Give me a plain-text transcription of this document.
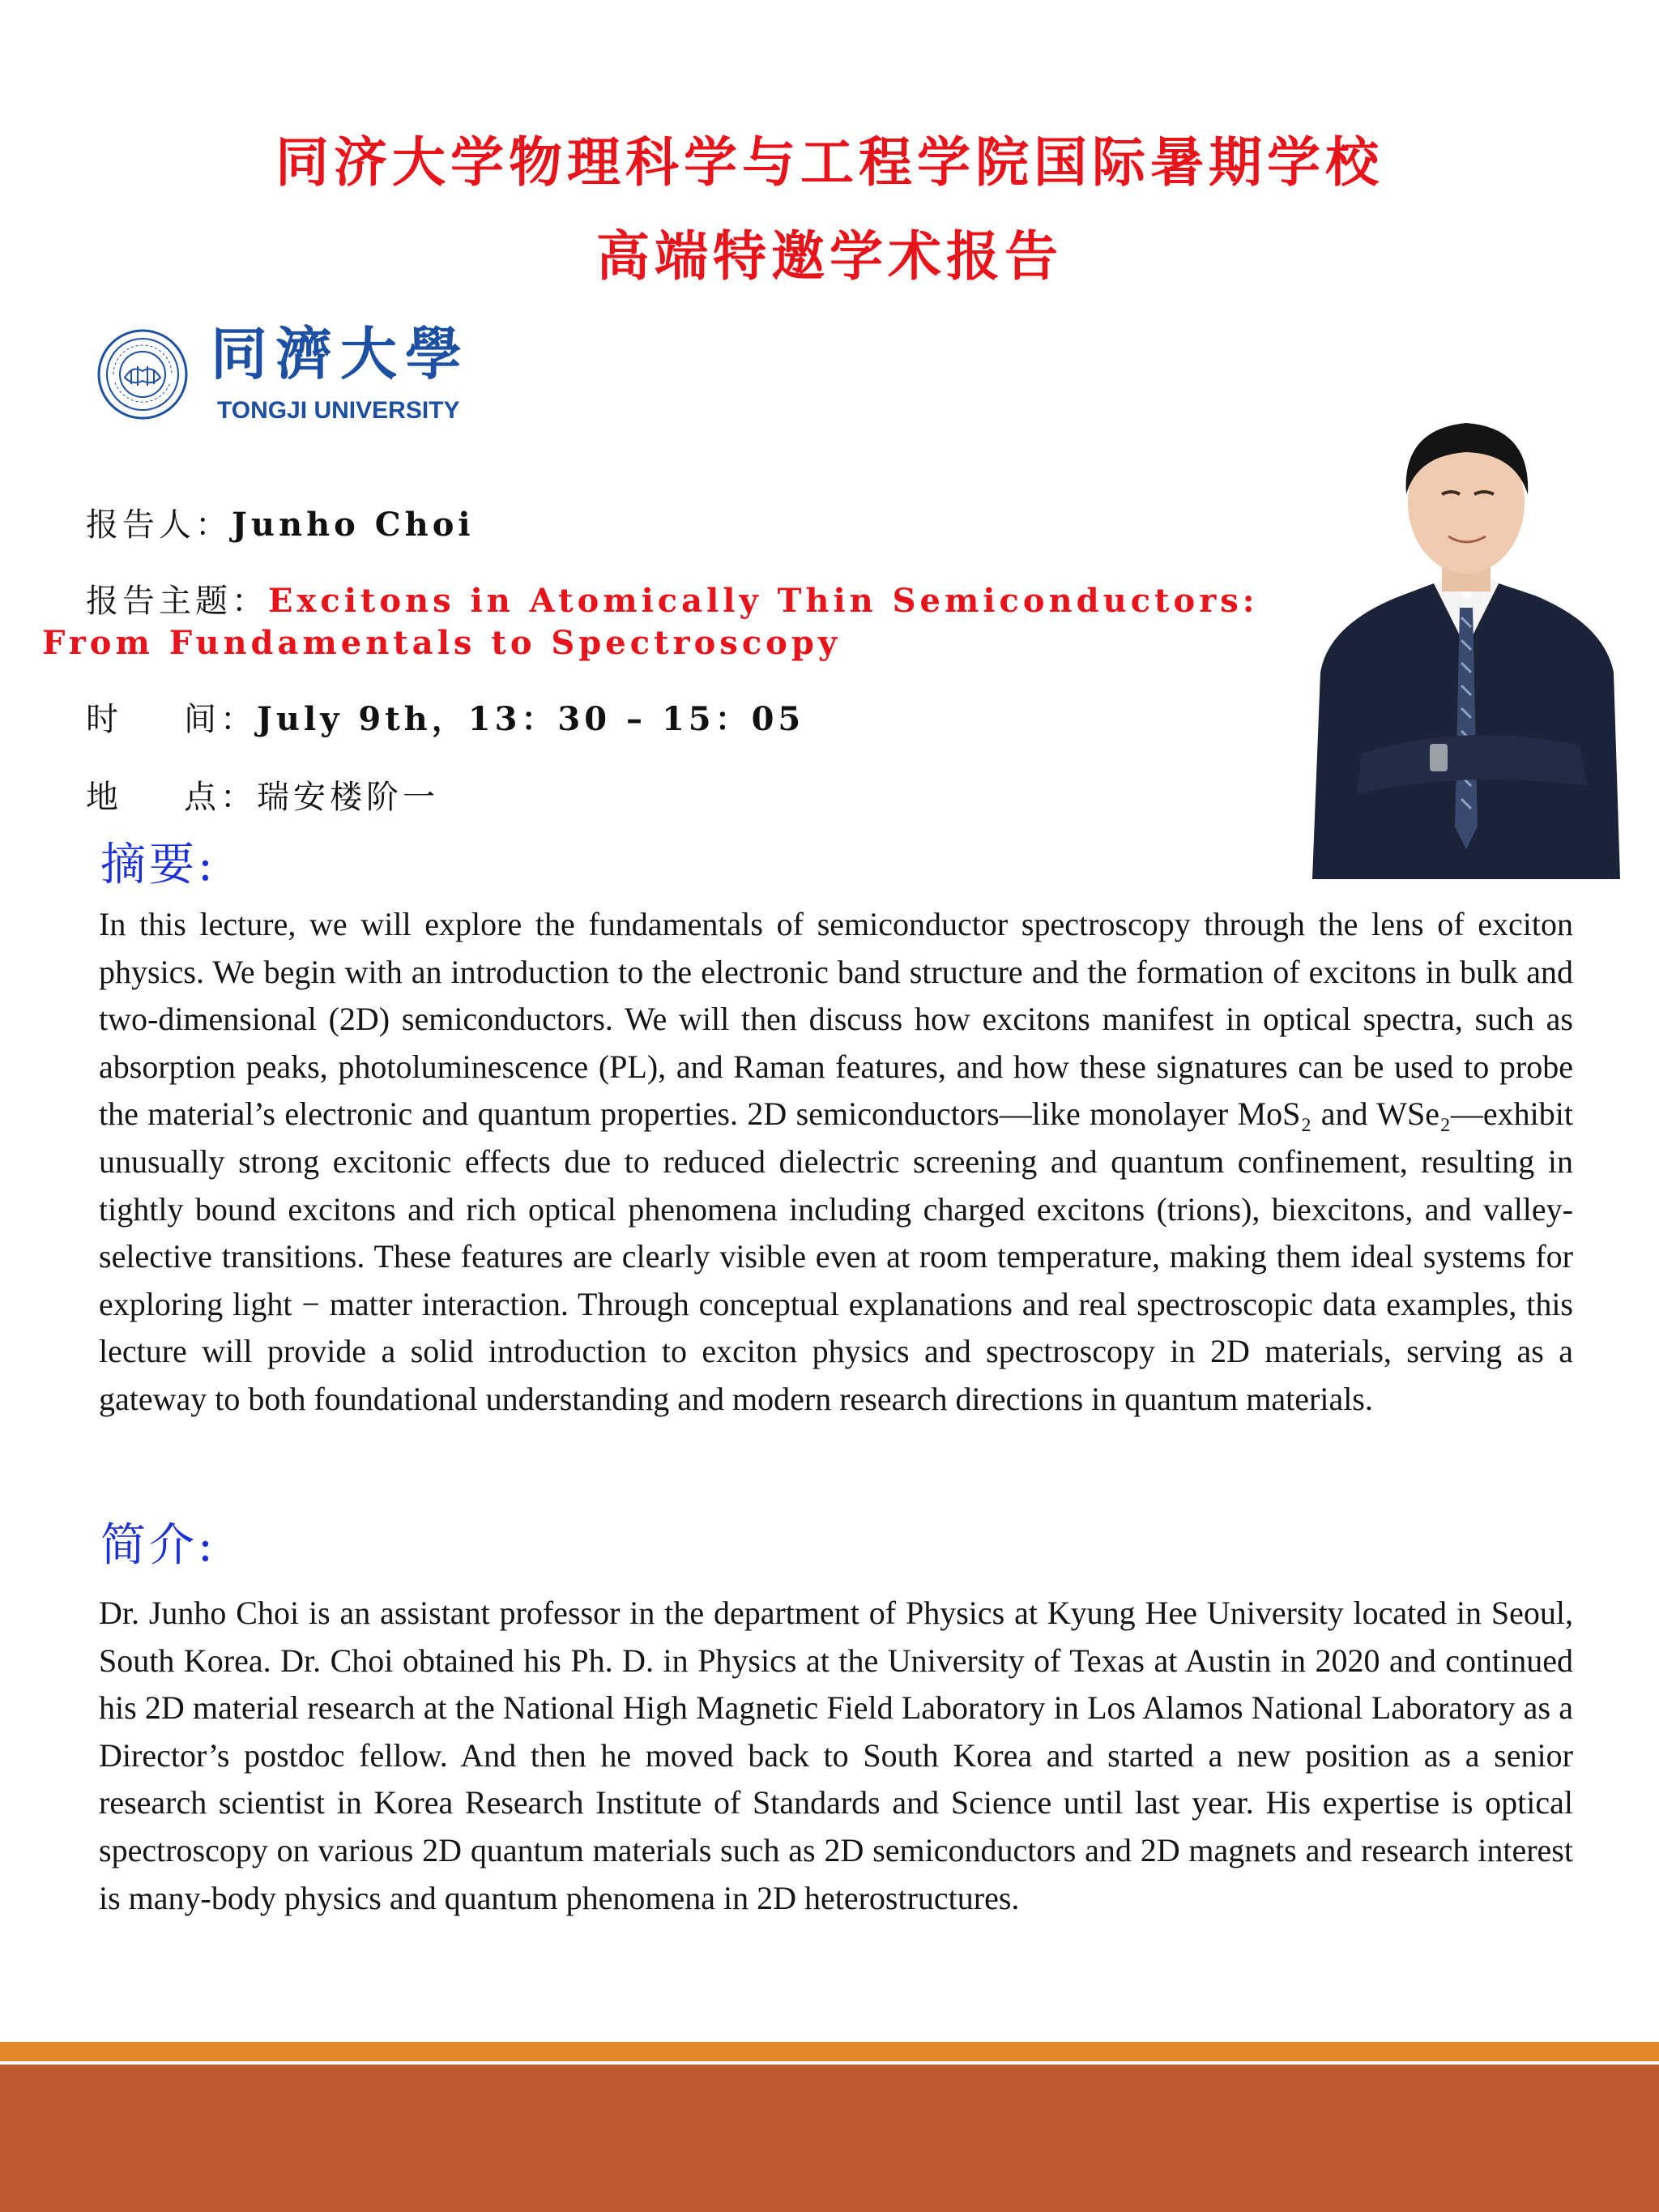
同济大学物理科学与工程学院国际暑期学校
高端特邀学术报告
同濟大學
TONGJI UNIVERSITY
报告人：Junho Choi
报告主题：Excitons in Atomically Thin Semiconductors:
From Fundamentals to Spectroscopy
时 间：July 9th，13：30 – 15：05
地 点：瑞安楼阶一
摘要:
In this lecture, we will explore the fundamentals of semiconductor spectroscopy through the lens of exciton physics. We begin with an introduction to the electronic band structure and the formation of excitons in bulk and two-dimensional (2D) semiconductors. We will then discuss how excitons manifest in optical spectra, such as absorption peaks, photoluminescence (PL), and Raman features, and how these signatures can be used to probe the material’s electronic and quantum properties. 2D semiconductors—like monolayer MoS₂ and WSe₂—exhibit unusually strong excitonic effects due to reduced dielectric screening and quantum confinement, resulting in tightly bound excitons and rich optical phenomena including charged excitons (trions), biexcitons, and valley-selective transitions. These features are clearly visible even at room temperature, making them ideal systems for exploring light − matter interaction. Through conceptual explanations and real spectroscopic data examples, this lecture will provide a solid introduction to exciton physics and spectroscopy in 2D materials, serving as a gateway to both foundational understanding and modern research directions in quantum materials.
简介:
Dr. Junho Choi is an assistant professor in the department of Physics at Kyung Hee University located in Seoul, South Korea. Dr. Choi obtained his Ph. D. in Physics at the University of Texas at Austin in 2020 and continued his 2D material research at the National High Magnetic Field Laboratory in Los Alamos National Laboratory as a Director’s postdoc fellow. And then he moved back to South Korea and started a new position as a senior research scientist in Korea Research Institute of Standards and Science until last year. His expertise is optical spectroscopy on various 2D quantum materials such as 2D semiconductors and 2D magnets and research interest is many-body physics and quantum phenomena in 2D heterostructures.
